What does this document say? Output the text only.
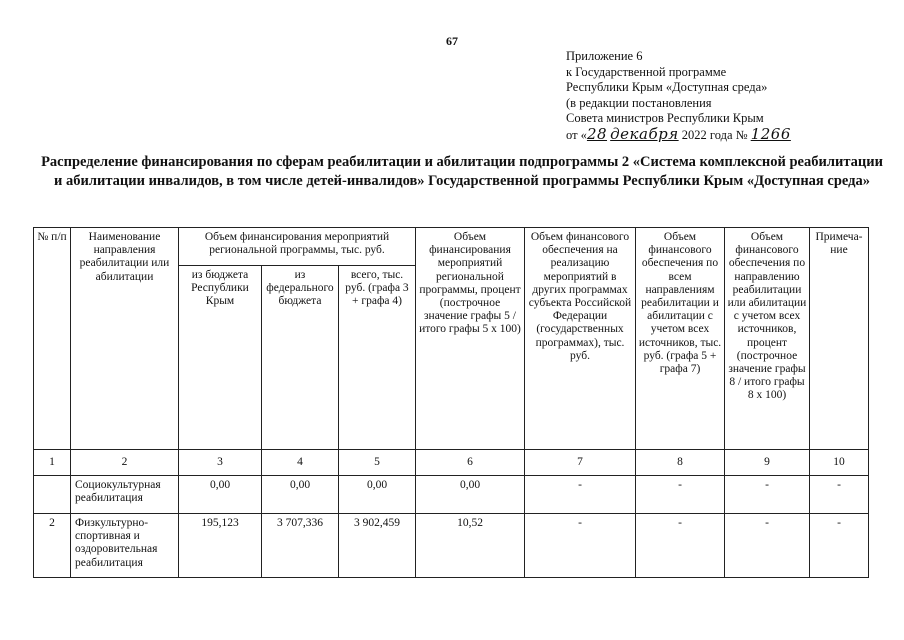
67
Приложение 6
к Государственной программе
Республики Крым «Доступная среда»
(в редакции постановления
Совета министров Республики Крым
от «28 декабря 2022 года № 1266
Распределение финансирования по сферам реабилитации и абилитации подпрограммы 2 «Система комплексной реабилитации и абилитации инвалидов, в том числе детей-инвалидов» Государственной программы Республики Крым «Доступная среда»
№ п/п	Наименование направления реабилитации или абилитации	Объем финансирования мероприятий региональной программы, тыс. руб.			Объем финансирования мероприятий региональной программы, процент (построчное значение графы 5 / итого графы 5 x 100)	Объем финансового обеспечения на реализацию мероприятий в других программах субъекта Российской Федерации (государственных программах), тыс. руб.	Объем финансового обеспечения по всем направлениям реабилитации и абилитации с учетом всех источников, тыс. руб. (графа 5 + графа 7)	Объем финансового обеспечения по направлению реабилитации или абилитации с учетом всех источников, процент (построчное значение графы 8 / итого графы 8 x 100)	Примеча-ние
		из бюджета Республики Крым	из федерального бюджета	всего, тыс. руб. (графа 3 + графа 4)					
1	2	3	4	5	6	7	8	9	10
	Социокультурная реабилитация	0,00	0,00	0,00	0,00	-	-	-	-
2	Физкультурно-спортивная и оздоровительная реабилитация	195,123	3 707,336	3 902,459	10,52	-	-	-	-
